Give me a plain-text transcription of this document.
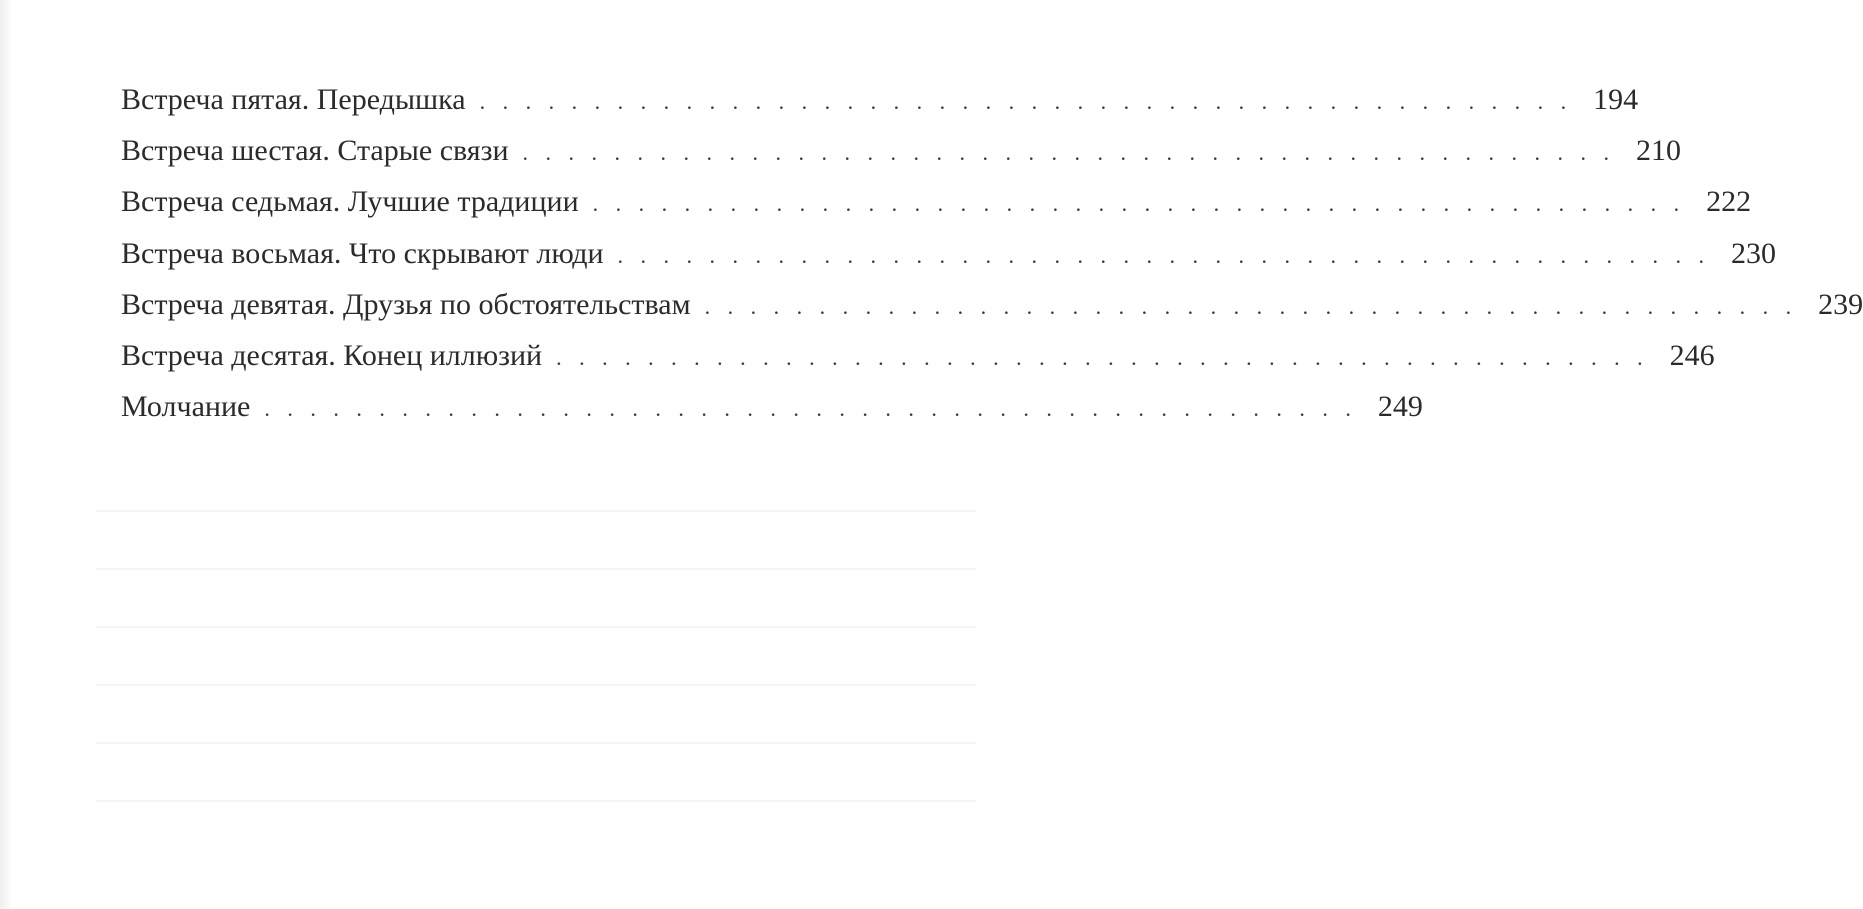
Встреча пятая. Передышка . . . . . . . . . . . . . . . . . . . . . . . . . . . . . . . . . . . . . . . . . . . . . . . . 194
Встреча шестая. Старые связи . . . . . . . . . . . . . . . . . . . . . . . . . . . . . . . . . . . . . . . . . . . . . . . . 210
Встреча седьмая. Лучшие традиции . . . . . . . . . . . . . . . . . . . . . . . . . . . . . . . . . . . . . . . . . . . . . . . . 222
Встреча восьмая. Что скрывают люди . . . . . . . . . . . . . . . . . . . . . . . . . . . . . . . . . . . . . . . . . . . . . . . . 230
Встреча девятая. Друзья по обстоятельствам . . . . . . . . . . . . . . . . . . . . . . . . . . . . . . . . . . . . . . . . . . . . . . . . 239
Встреча десятая. Конец иллюзий . . . . . . . . . . . . . . . . . . . . . . . . . . . . . . . . . . . . . . . . . . . . . . . . 246
Молчание . . . . . . . . . . . . . . . . . . . . . . . . . . . . . . . . . . . . . . . . . . . . . . . . 249
